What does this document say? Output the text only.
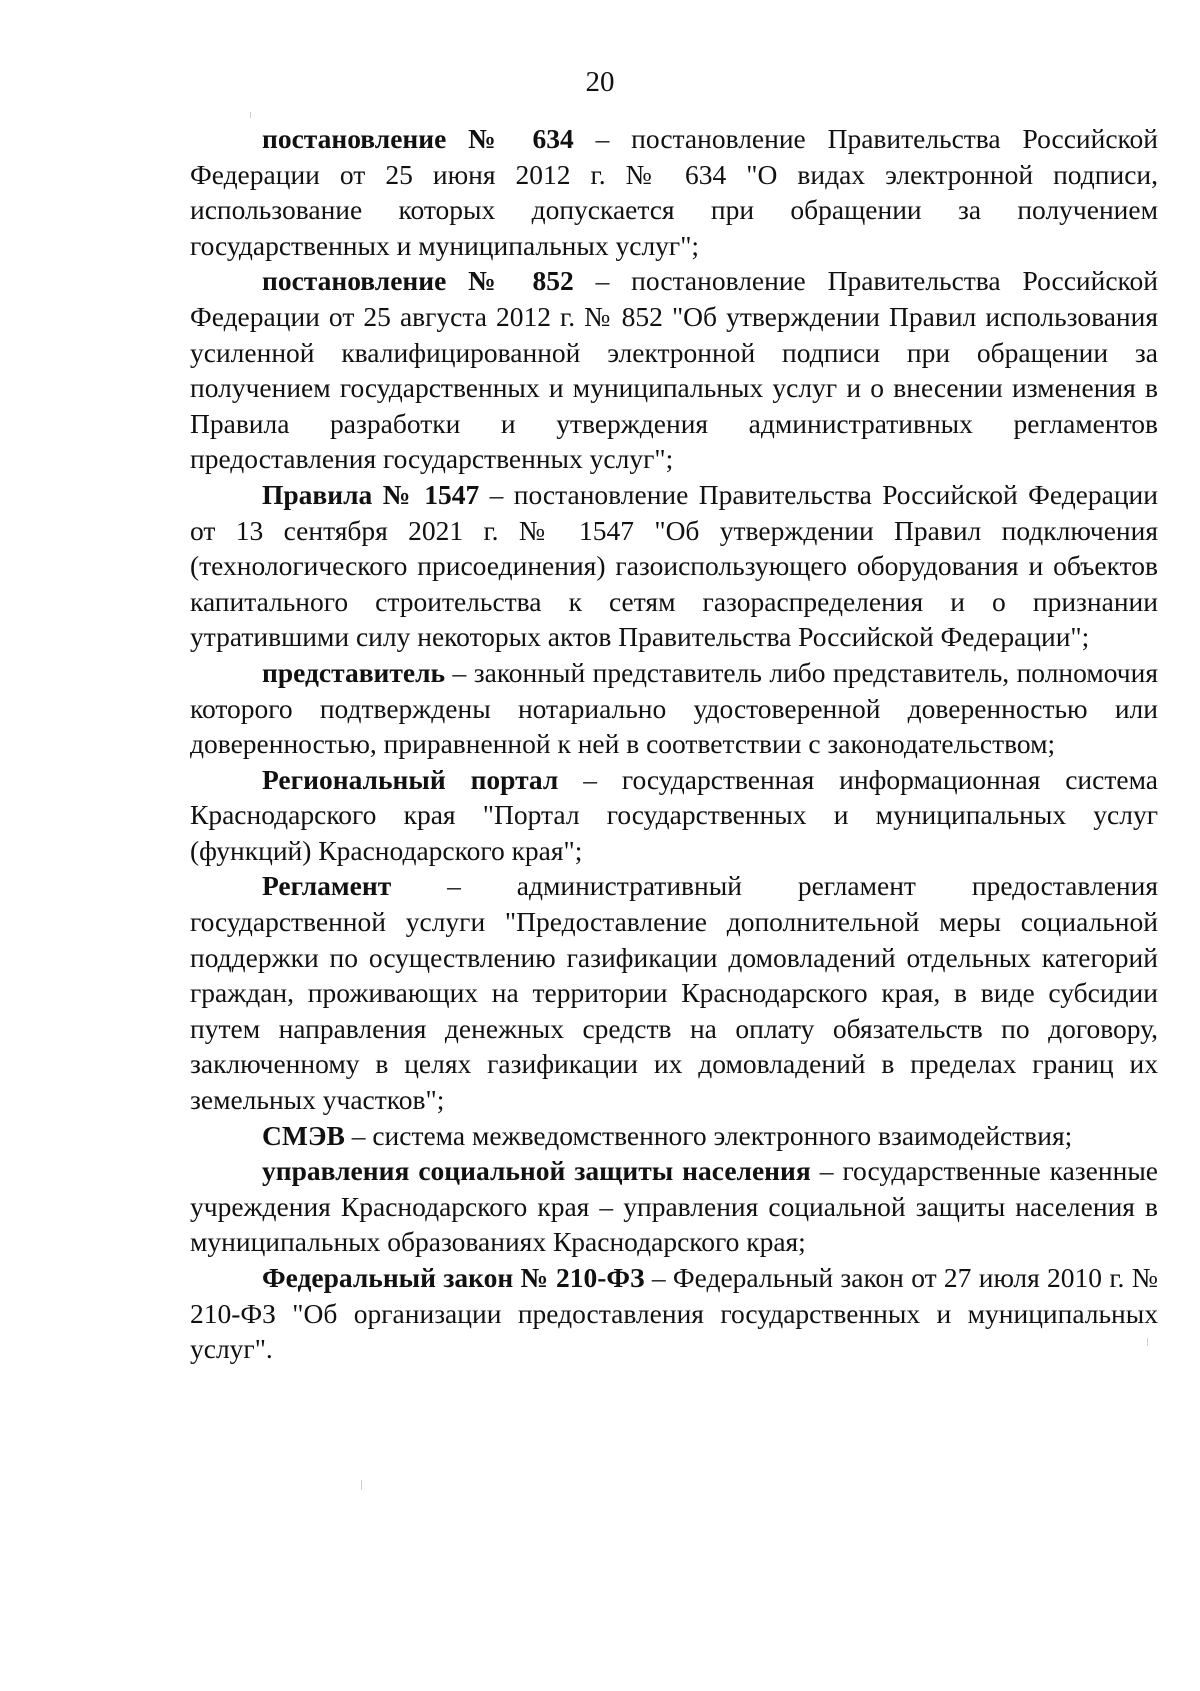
20

постановление № 634 – постановление Правительства Российской Федерации от 25 июня 2012 г. № 634 "О видах электронной подписи, использование которых допускается при обращении за получением государственных и муниципальных услуг";

постановление № 852 – постановление Правительства Российской Федерации от 25 августа 2012 г. № 852 "Об утверждении Правил использования усиленной квалифицированной электронной подписи при обращении за получением государственных и муниципальных услуг и о внесении изменения в Правила разработки и утверждения административных регламентов предоставления государственных услуг";

Правила № 1547 – постановление Правительства Российской Федерации от 13 сентября 2021 г. № 1547 "Об утверждении Правил подключения (технологического присоединения) газоиспользующего оборудования и объектов капитального строительства к сетям газораспределения и о признании утратившими силу некоторых актов Правительства Российской Федерации";

представитель – законный представитель либо представитель, полномочия которого подтверждены нотариально удостоверенной доверенностью или доверенностью, приравненной к ней в соответствии с законодательством;

Региональный портал – государственная информационная система Краснодарского края "Портал государственных и муниципальных услуг (функций) Краснодарского края";

Регламент – административный регламент предоставления государственной услуги "Предоставление дополнительной меры социальной поддержки по осуществлению газификации домовладений отдельных категорий граждан, проживающих на территории Краснодарского края, в виде субсидии путем направления денежных средств на оплату обязательств по договору, заключенному в целях газификации их домовладений в пределах границ их земельных участков";

СМЭВ – система межведомственного электронного взаимодействия;

управления социальной защиты населения – государственные казенные учреждения Краснодарского края – управления социальной защиты населения в муниципальных образованиях Краснодарского края;

Федеральный закон № 210-ФЗ – Федеральный закон от 27 июля 2010 г. № 210-ФЗ "Об организации предоставления государственных и муниципальных услуг".
